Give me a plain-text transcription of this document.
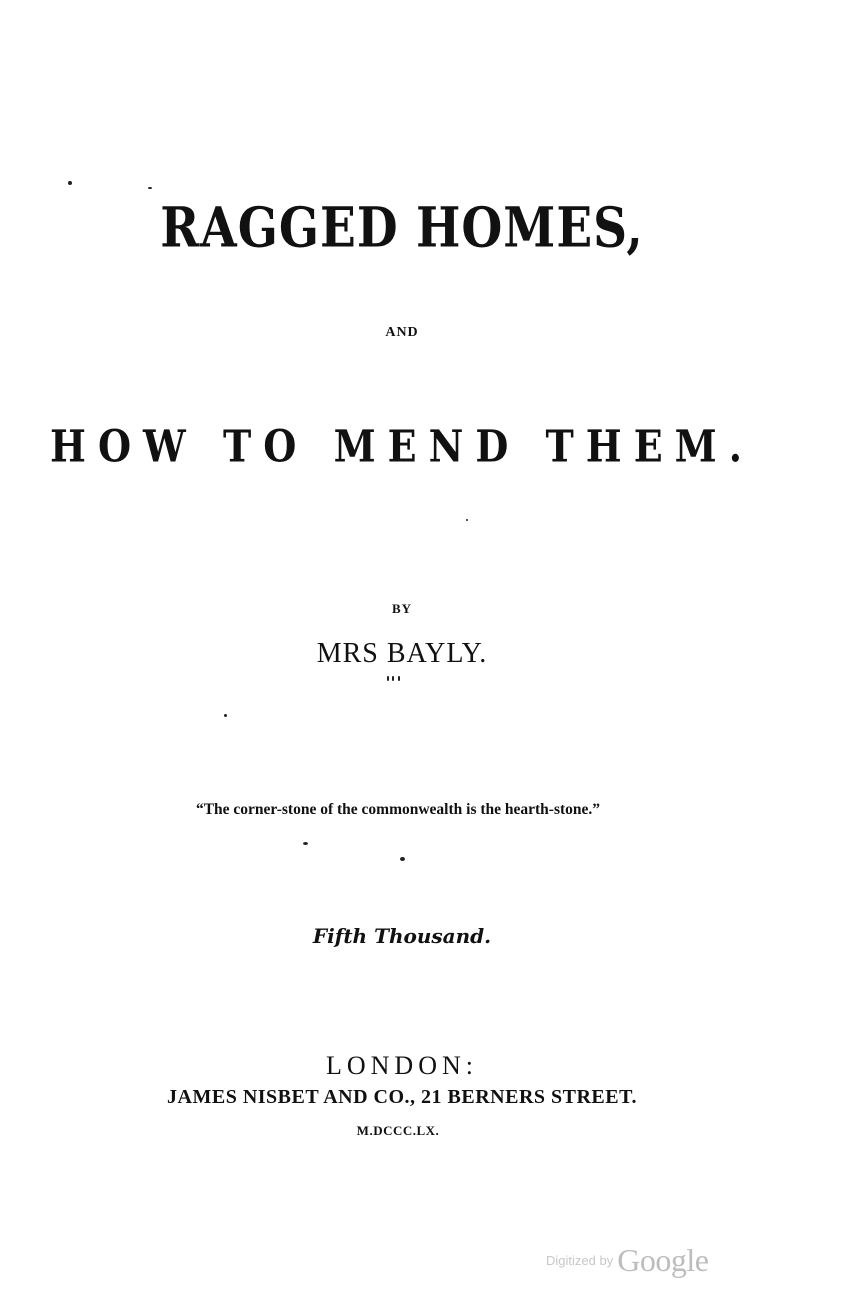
RAGGED HOMES,
AND
HOW TO MEND THEM.
BY
MRS BAYLY.
“The corner-stone of the commonwealth is the hearth-stone.”
Fifth Thousand.
LONDON:
JAMES NISBET AND CO., 21 BERNERS STREET.
M.DCCC.LX.
Digitized by Google
